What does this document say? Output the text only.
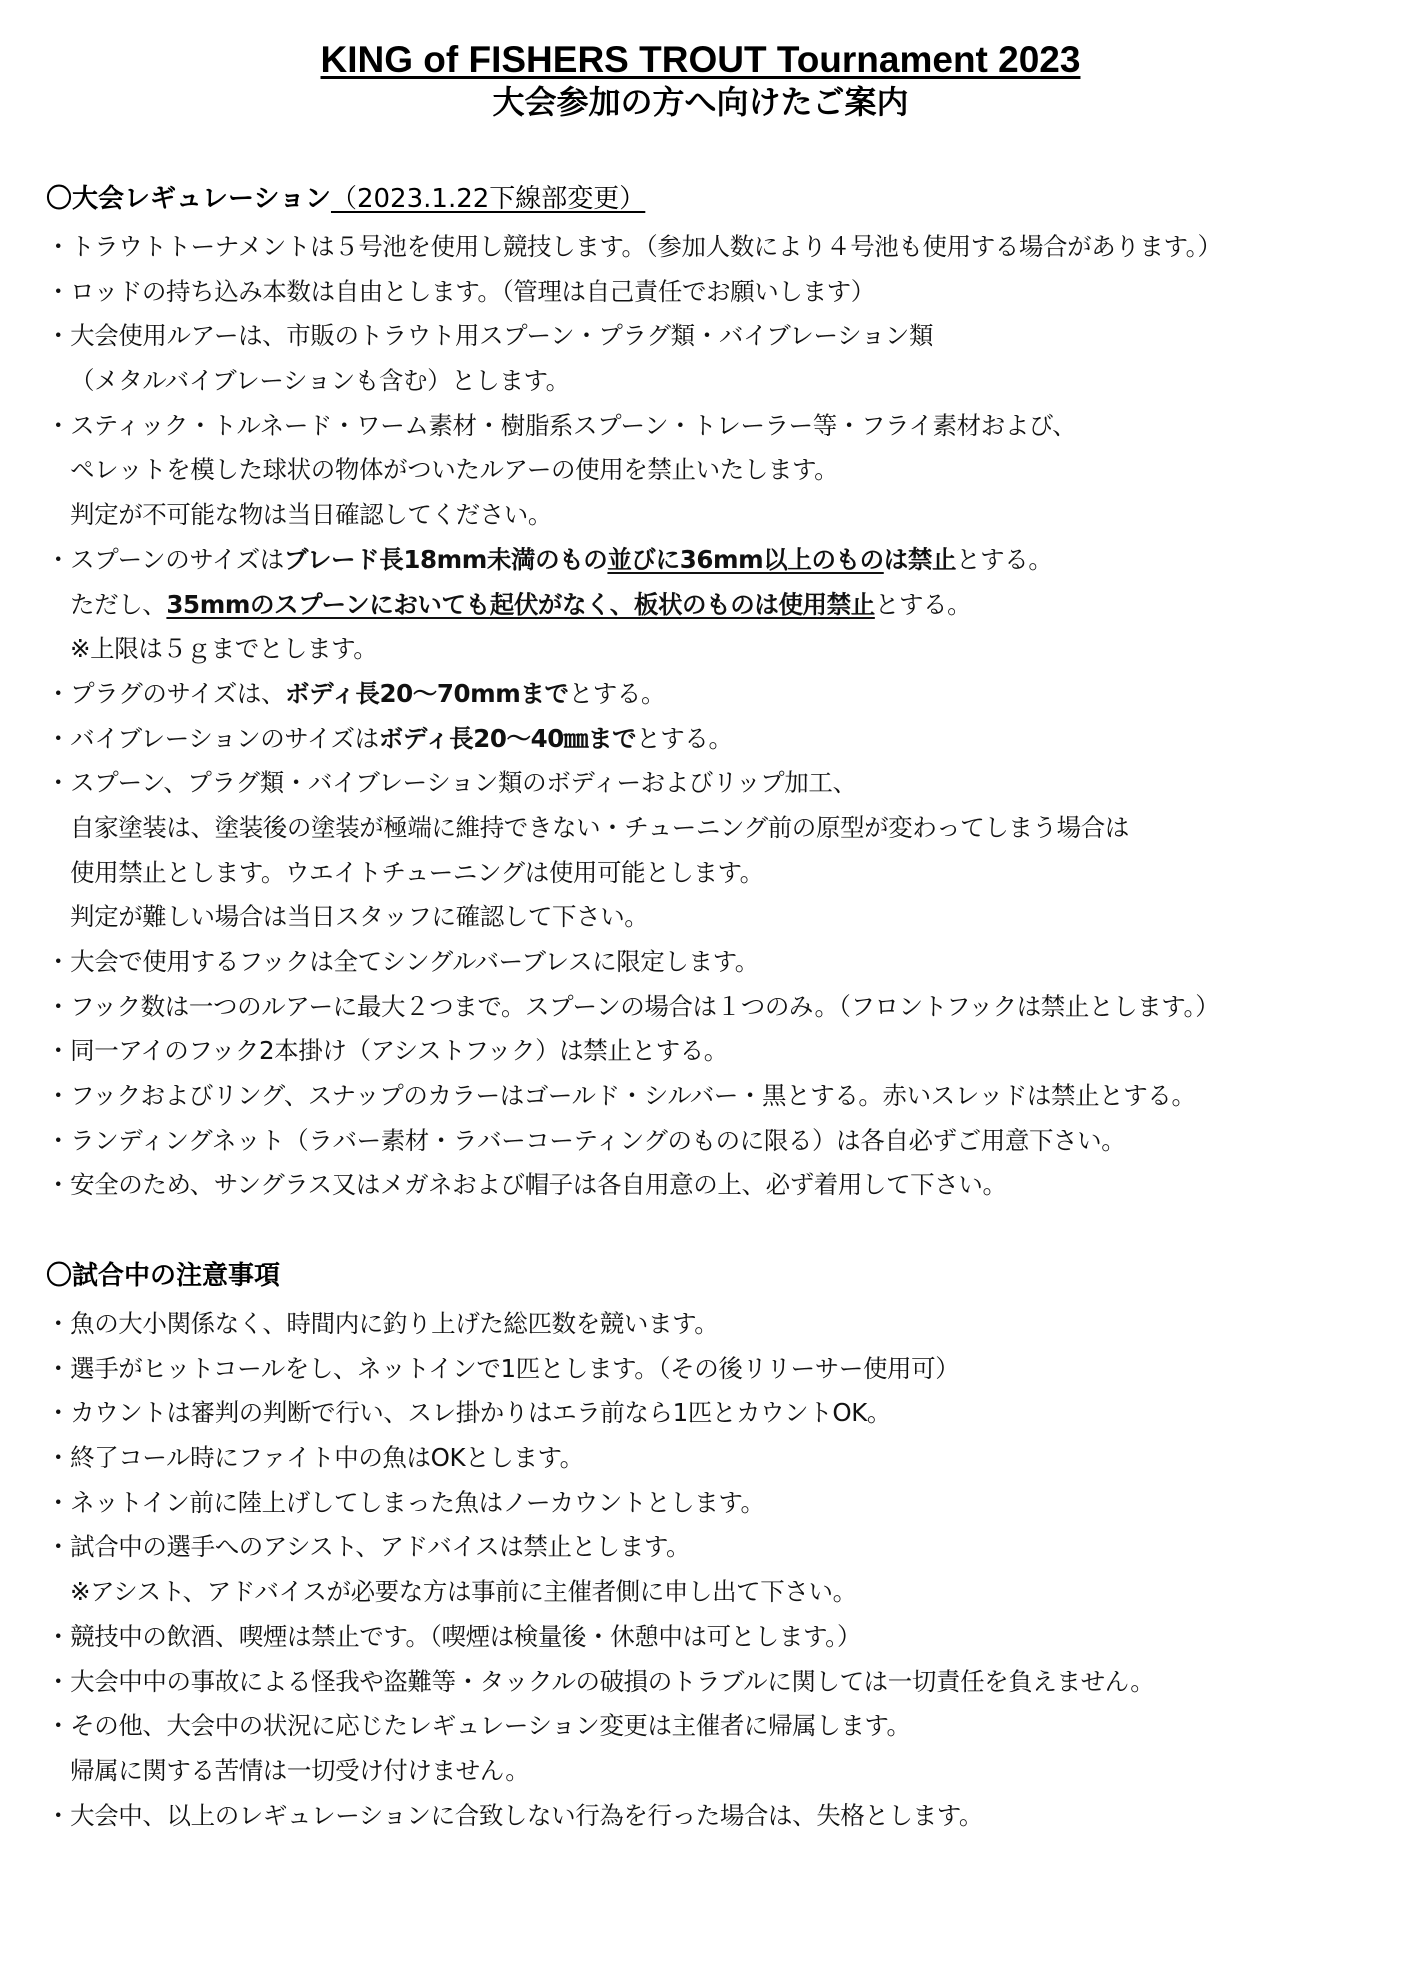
KING of FISHERS TROUT Tournament 2023
大会参加の方へ向けたご案内
〇大会レギュレーション（2023.1.22下線部変更）
・トラウトトーナメントは５号池を使用し競技します。（参加人数により４号池も使用する場合があります。）
・ロッドの持ち込み本数は自由とします。（管理は自己責任でお願いします）
・大会使用ルアーは、市販のトラウト用スプーン・プラグ類・バイブレーション類
（メタルバイブレーションも含む）とします。
・スティック・トルネード・ワーム素材・樹脂系スプーン・トレーラー等・フライ素材および、
ペレットを模した球状の物体がついたルアーの使用を禁止いたします。
判定が不可能な物は当日確認してください。
・スプーンのサイズはブレード長18mm未満のもの並びに36mm以上のものは禁止とする。
ただし、35mmのスプーンにおいても起伏がなく、板状のものは使用禁止とする。
※上限は５ｇまでとします。
・プラグのサイズは、ボディ長20〜70mmまでとする。
・バイブレーションのサイズはボディ長20〜40㎜までとする。
・スプーン、プラグ類・バイブレーション類のボディーおよびリップ加工、
自家塗装は、塗装後の塗装が極端に維持できない・チューニング前の原型が変わってしまう場合は
使用禁止とします。ウエイトチューニングは使用可能とします。
判定が難しい場合は当日スタッフに確認して下さい。
・大会で使用するフックは全てシングルバーブレスに限定します。
・フック数は一つのルアーに最大２つまで。スプーンの場合は１つのみ。（フロントフックは禁止とします。）
・同一アイのフック2本掛け（アシストフック）は禁止とする。
・フックおよびリング、スナップのカラーはゴールド・シルバー・黒とする。赤いスレッドは禁止とする。
・ランディングネット（ラバー素材・ラバーコーティングのものに限る）は各自必ずご用意下さい。
・安全のため、サングラス又はメガネおよび帽子は各自用意の上、必ず着用して下さい。
〇試合中の注意事項
・魚の大小関係なく、時間内に釣り上げた総匹数を競います。
・選手がヒットコールをし、ネットインで1匹とします。（その後リリーサー使用可）
・カウントは審判の判断で行い、スレ掛かりはエラ前なら1匹とカウントOK。
・終了コール時にファイト中の魚はOKとします。
・ネットイン前に陸上げしてしまった魚はノーカウントとします。
・試合中の選手へのアシスト、アドバイスは禁止とします。
※アシスト、アドバイスが必要な方は事前に主催者側に申し出て下さい。
・競技中の飲酒、喫煙は禁止です。（喫煙は検量後・休憩中は可とします。）
・大会中中の事故による怪我や盗難等・タックルの破損のトラブルに関しては一切責任を負えません。
・その他、大会中の状況に応じたレギュレーション変更は主催者に帰属します。
帰属に関する苦情は一切受け付けません。
・大会中、以上のレギュレーションに合致しない行為を行った場合は、失格とします。
